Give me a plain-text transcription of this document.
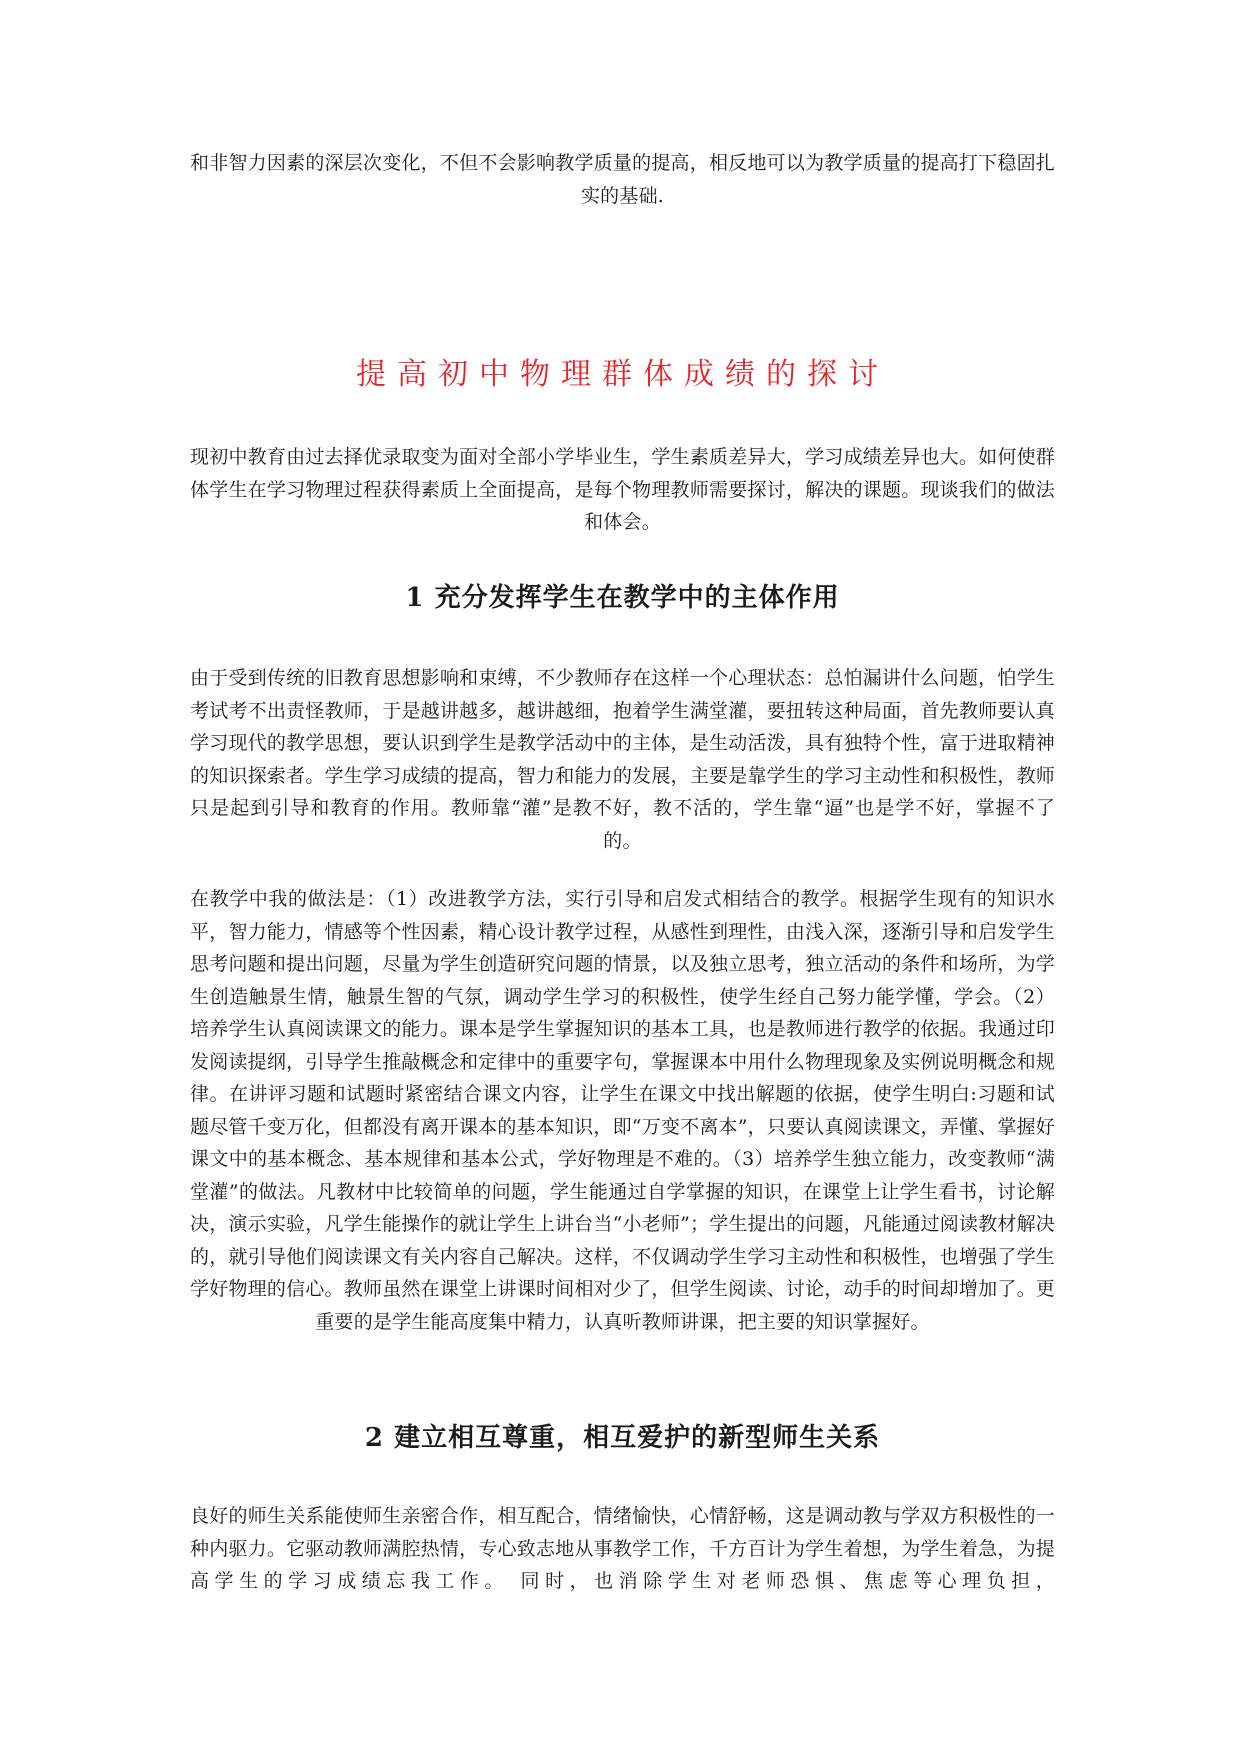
和非智力因素的深层次变化，不但不会影响教学质量的提高，相反地可以为教学质量的提高打下稳固扎实的基础.

提高初中物理群体成绩的探讨

现初中教育由过去择优录取变为面对全部小学毕业生，学生素质差异大，学习成绩差异也大。如何使群体学生在学习物理过程获得素质上全面提高，是每个物理教师需要探讨，解决的课题。现谈我们的做法和体会。

1 充分发挥学生在教学中的主体作用

由于受到传统的旧教育思想影响和束缚，不少教师存在这样一个心理状态：总怕漏讲什么问题，怕学生考试考不出责怪教师，于是越讲越多，越讲越细，抱着学生满堂灌，要扭转这种局面，首先教师要认真学习现代的教学思想，要认识到学生是教学活动中的主体，是生动活泼，具有独特个性，富于进取精神的知识探索者。学生学习成绩的提高，智力和能力的发展，主要是靠学生的学习主动性和积极性，教师只是起到引导和教育的作用。教师靠“灌”是教不好，教不活的，学生靠“逼”也是学不好，掌握不了的。

在教学中我的做法是：（1）改进教学方法，实行引导和启发式相结合的教学。根据学生现有的知识水平，智力能力，情感等个性因素，精心设计教学过程，从感性到理性，由浅入深，逐渐引导和启发学生思考问题和提出问题，尽量为学生创造研究问题的情景，以及独立思考，独立活动的条件和场所，为学生创造触景生情，触景生智的气氛，调动学生学习的积极性，使学生经自己努力能学懂，学会。（2）培养学生认真阅读课文的能力。课本是学生掌握知识的基本工具，也是教师进行教学的依据。我通过印发阅读提纲，引导学生推敲概念和定律中的重要字句，掌握课本中用什么物理现象及实例说明概念和规律。在讲评习题和试题时紧密结合课文内容，让学生在课文中找出解题的依据，使学生明白:习题和试题尽管千变万化，但都没有离开课本的基本知识，即“万变不离本”，只要认真阅读课文，弄懂、掌握好课文中的基本概念、基本规律和基本公式，学好物理是不难的。（3）培养学生独立能力，改变教师“满堂灌”的做法。凡教材中比较简单的问题，学生能通过自学掌握的知识，在课堂上让学生看书，讨论解决，演示实验，凡学生能操作的就让学生上讲台当“小老师”；学生提出的问题，凡能通过阅读教材解决的，就引导他们阅读课文有关内容自己解决。这样，不仅调动学生学习主动性和积极性，也增强了学生学好物理的信心。教师虽然在课堂上讲课时间相对少了，但学生阅读、讨论，动手的时间却增加了。更重要的是学生能高度集中精力，认真听教师讲课，把主要的知识掌握好。

2 建立相互尊重，相互爱护的新型师生关系

良好的师生关系能使师生亲密合作，相互配合，情绪愉快，心情舒畅，这是调动教与学双方积极性的一种内驱力。它驱动教师满腔热情，专心致志地从事教学工作，千方百计为学生着想，为学生着急，为提高学生的学习成绩忘我工作。 同时，也消除学生对老师恐惧、焦虑等心理负担，
